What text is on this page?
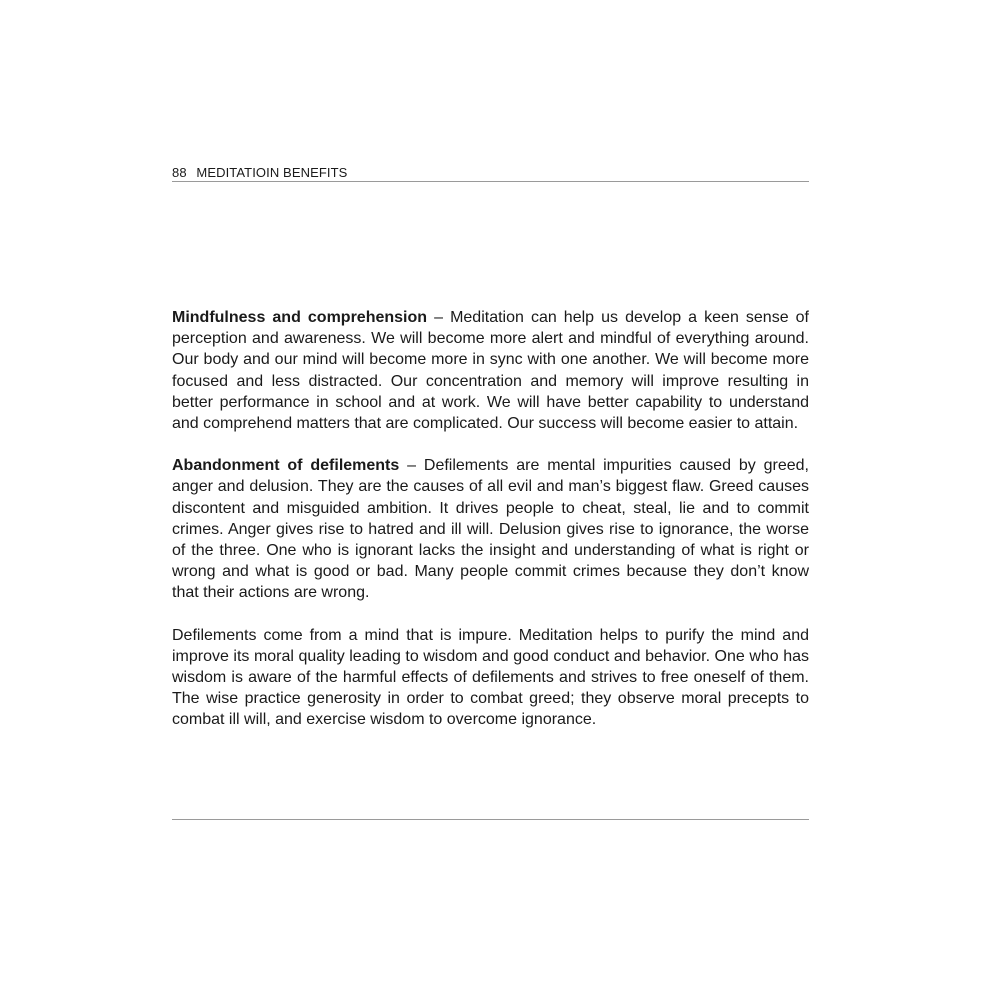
88 MEDITATIOIN BENEFITS

Mindfulness and comprehension – Meditation can help us develop a keen sense of perception and awareness. We will become more alert and mindful of everything around. Our body and our mind will become more in sync with one another. We will become more focused and less distracted. Our concentration and memory will improve resulting in better performance in school and at work. We will have better capability to understand and comprehend matters that are complicated. Our success will become easier to attain.

Abandonment of defilements – Defilements are mental impurities caused by greed, anger and delusion. They are the causes of all evil and man’s biggest flaw. Greed causes discontent and misguided ambition. It drives people to cheat, steal, lie and to commit crimes. Anger gives rise to hatred and ill will. Delusion gives rise to ignorance, the worse of the three. One who is ignorant lacks the insight and understanding of what is right or wrong and what is good or bad. Many people commit crimes because they don’t know that their actions are wrong.

Defilements come from a mind that is impure. Meditation helps to purify the mind and improve its moral quality leading to wisdom and good conduct and behavior. One who has wisdom is aware of the harmful effects of defilements and strives to free oneself of them. The wise practice generosity in order to combat greed; they observe moral precepts to combat ill will, and exercise wisdom to overcome ignorance.
